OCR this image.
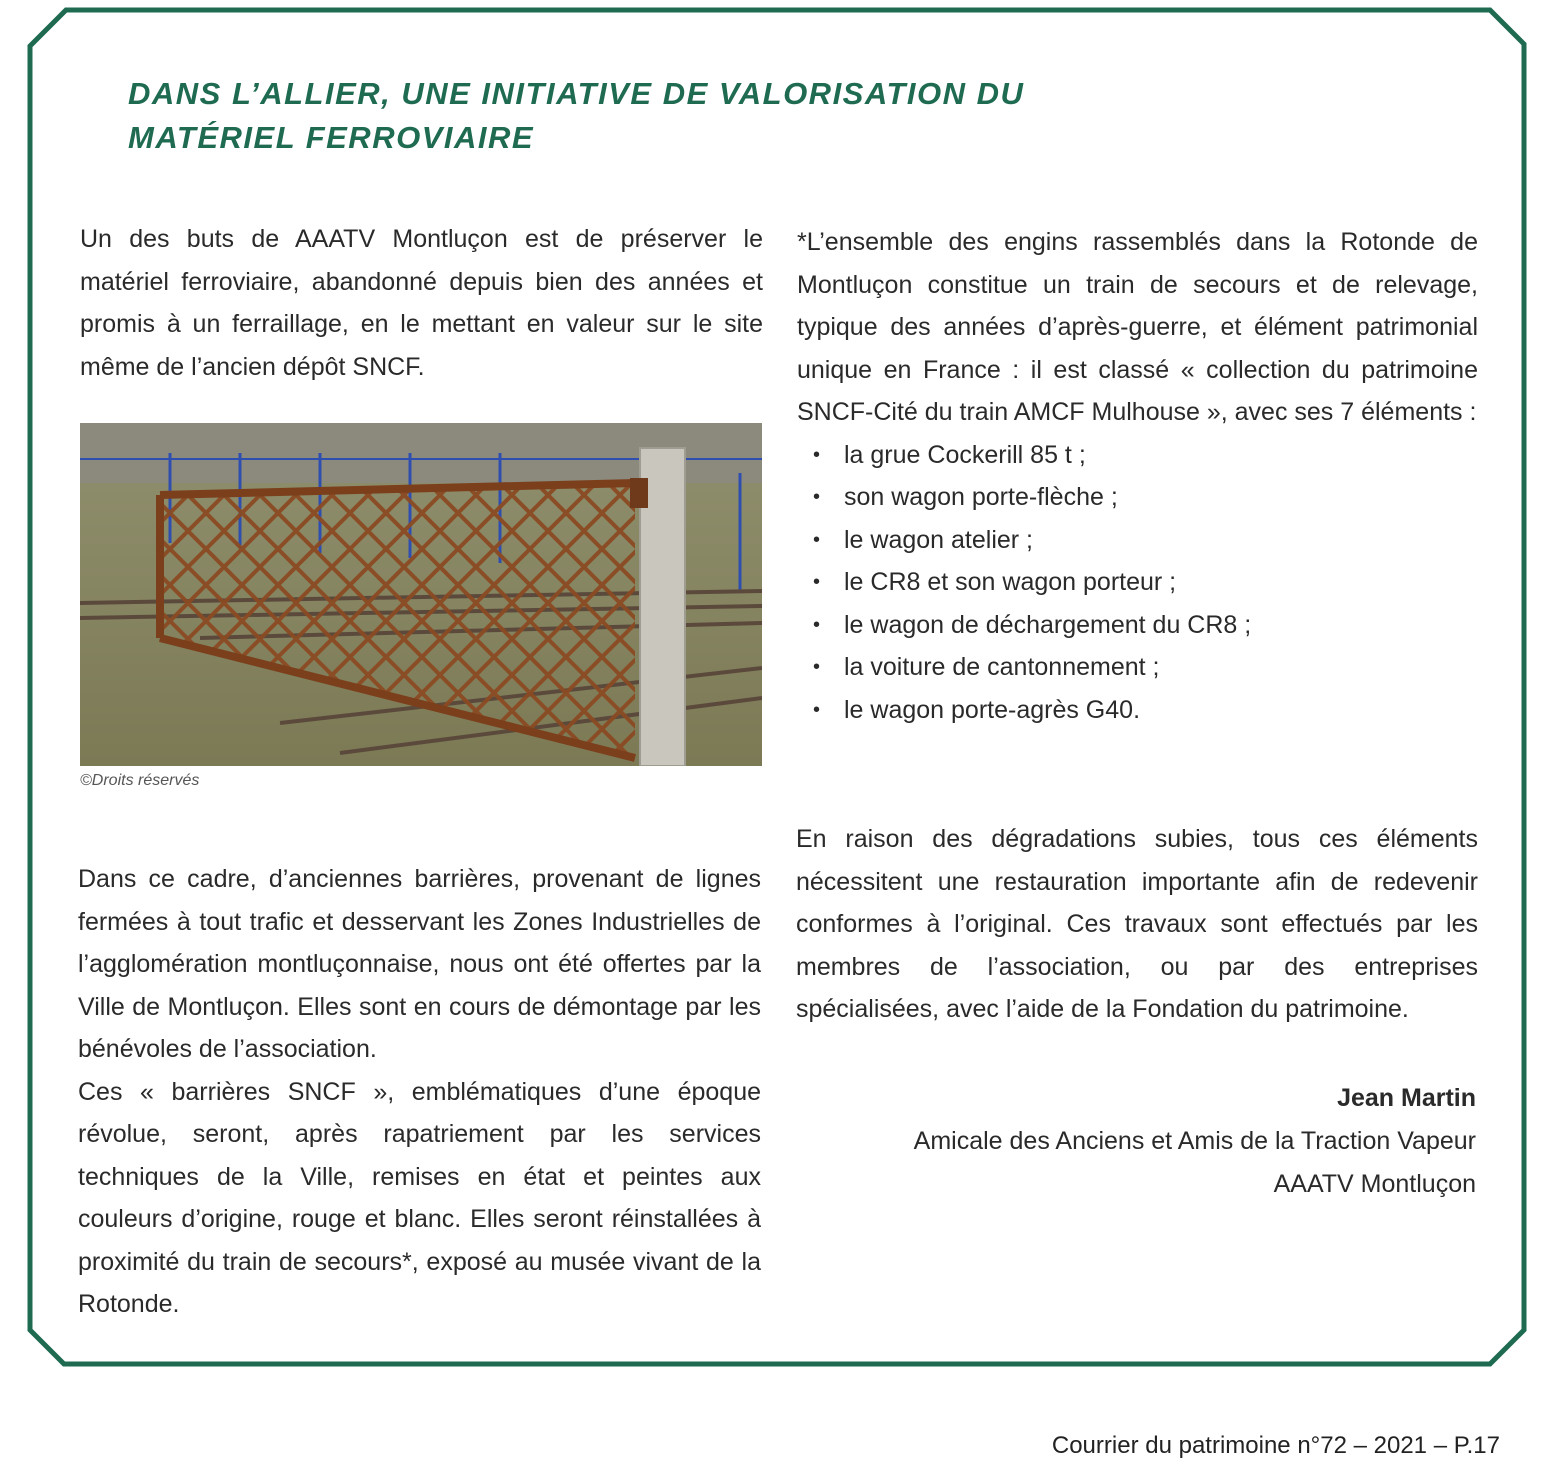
DANS L’ALLIER, UNE INITIATIVE DE VALORISATION DU
MATÉRIEL FERROVIAIRE

Un des buts de AAATV Montluçon est de préserver le matériel ferroviaire, abandonné depuis bien des années et promis à un ferraillage, en le mettant en valeur sur le site même de l’ancien dépôt SNCF.

©Droits réservés

Dans ce cadre, d’anciennes barrières, provenant de lignes fermées à tout trafic et desservant les Zones Industrielles de l’agglomération montluçonnaise, nous ont été offertes par la Ville de Montluçon. Elles sont en cours de démontage par les bénévoles de l’association.

Ces « barrières SNCF », emblématiques d’une époque révolue, seront, après rapatriement par les services techniques de la Ville, remises en état et peintes aux couleurs d’origine, rouge et blanc. Elles seront réinstallées à proximité du train de secours*, exposé au musée vivant de la Rotonde.

*L’ensemble des engins rassemblés dans la Rotonde de Montluçon constitue un train de secours et de relevage, typique des années d’après-guerre, et élément patrimonial unique en France : il est classé « collection du patrimoine SNCF-Cité du train AMCF Mulhouse », avec ses 7 éléments :

• la grue Cockerill 85 t ;
• son wagon porte-flèche ;
• le wagon atelier ;
• le CR8 et son wagon porteur ;
• le wagon de déchargement du CR8 ;
• la voiture de cantonnement ;
• le wagon porte-agrès G40.

En raison des dégradations subies, tous ces éléments nécessitent une restauration importante afin de redevenir conformes à l’original. Ces travaux sont effectués par les membres de l’association, ou par des entreprises spécialisées, avec l’aide de la Fondation du patrimoine.

Jean Martin
Amicale des Anciens et Amis de la Traction Vapeur
AAATV Montluçon
Courrier du patrimoine n°72 – 2021 – P.17
